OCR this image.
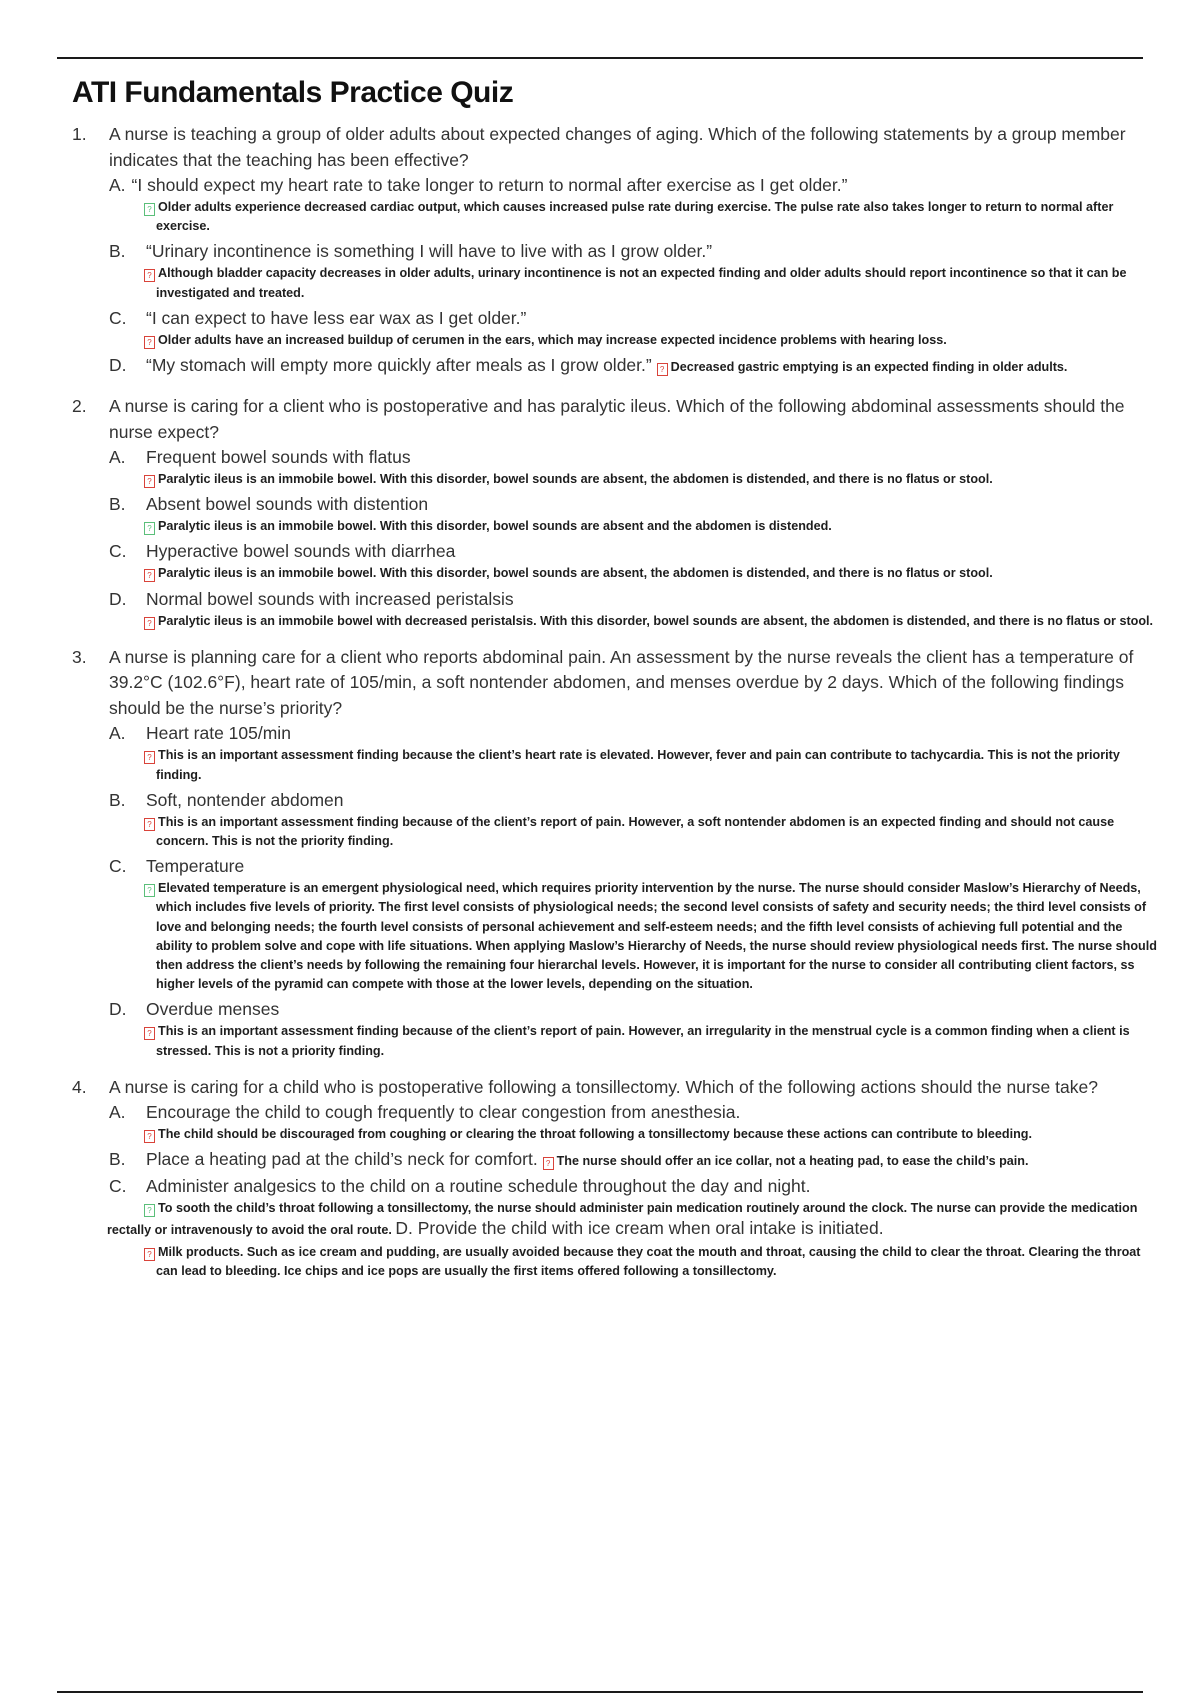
ATI Fundamentals Practice Quiz
1.	A nurse is teaching a group of older adults about expected changes of aging. Which of the following statements by a group member indicates that the teaching has been effective?
A. “I should expect my heart rate to take longer to return to normal after exercise as I get older.”
? Older adults experience decreased cardiac output, which causes increased pulse rate during exercise. The pulse rate also takes longer to return to normal after exercise.
B.	“Urinary incontinence is something I will have to live with as I grow older.”
? Although bladder capacity decreases in older adults, urinary incontinence is not an expected finding and older adults should report incontinence so that it can be investigated and treated.
C.	“I can expect to have less ear wax as I get older.”
? Older adults have an increased buildup of cerumen in the ears, which may increase expected incidence problems with hearing loss.
D.	“My stomach will empty more quickly after meals as I grow older.” ? Decreased gastric emptying is an expected finding in older adults.
2.	A nurse is caring for a client who is postoperative and has paralytic ileus. Which of the following abdominal assessments should the nurse expect?
A.	Frequent bowel sounds with flatus
? Paralytic ileus is an immobile bowel. With this disorder, bowel sounds are absent, the abdomen is distended, and there is no flatus or stool.
B.	Absent bowel sounds with distention
? Paralytic ileus is an immobile bowel. With this disorder, bowel sounds are absent and the abdomen is distended.
C.	Hyperactive bowel sounds with diarrhea
? Paralytic ileus is an immobile bowel. With this disorder, bowel sounds are absent, the abdomen is distended, and there is no flatus or stool.
D.	Normal bowel sounds with increased peristalsis
? Paralytic ileus is an immobile bowel with decreased peristalsis. With this disorder, bowel sounds are absent, the abdomen is distended, and there is no flatus or stool.
3.	A nurse is planning care for a client who reports abdominal pain. An assessment by the nurse reveals the client has a temperature of 39.2°C (102.6°F), heart rate of 105/min, a soft nontender abdomen, and menses overdue by 2 days. Which of the following findings should be the nurse’s priority?
A.	Heart rate 105/min
? This is an important assessment finding because the client’s heart rate is elevated. However, fever and pain can contribute to tachycardia. This is not the priority finding.
B.	Soft, nontender abdomen
? This is an important assessment finding because of the client’s report of pain. However, a soft nontender abdomen is an expected finding and should not cause concern. This is not the priority finding.
C.	Temperature
? Elevated temperature is an emergent physiological need, which requires priority intervention by the nurse. The nurse should consider Maslow’s Hierarchy of Needs, which includes five levels of priority. The first level consists of physiological needs; the second level consists of safety and security needs; the third level consists of love and belonging needs; the fourth level consists of personal achievement and self-esteem needs; and the fifth level consists of achieving full potential and the ability to problem solve and cope with life situations. When applying Maslow’s Hierarchy of Needs, the nurse should review physiological needs first. The nurse should then address the client’s needs by following the remaining four hierarchal levels. However, it is important for the nurse to consider all contributing client factors, ss higher levels of the pyramid can compete with those at the lower levels, depending on the situation.
D.	Overdue menses
? This is an important assessment finding because of the client’s report of pain. However, an irregularity in the menstrual cycle is a common finding when a client is stressed. This is not a priority finding.
4.	A nurse is caring for a child who is postoperative following a tonsillectomy. Which of the following actions should the nurse take?
A.	Encourage the child to cough frequently to clear congestion from anesthesia.
? The child should be discouraged from coughing or clearing the throat following a tonsillectomy because these actions can contribute to bleeding.
B.	Place a heating pad at the child’s neck for comfort. ? The nurse should offer an ice collar, not a heating pad, to ease the child’s pain.
C.	Administer analgesics to the child on a routine schedule throughout the day and night.
? To sooth the child’s throat following a tonsillectomy, the nurse should administer pain medication routinely around the clock. The nurse can provide the medication rectally or intravenously to avoid the oral route. D. Provide the child with ice cream when oral intake is initiated.
? Milk products. Such as ice cream and pudding, are usually avoided because they coat the mouth and throat, causing the child to clear the throat. Clearing the throat can lead to bleeding. Ice chips and ice pops are usually the first items offered following a tonsillectomy.
